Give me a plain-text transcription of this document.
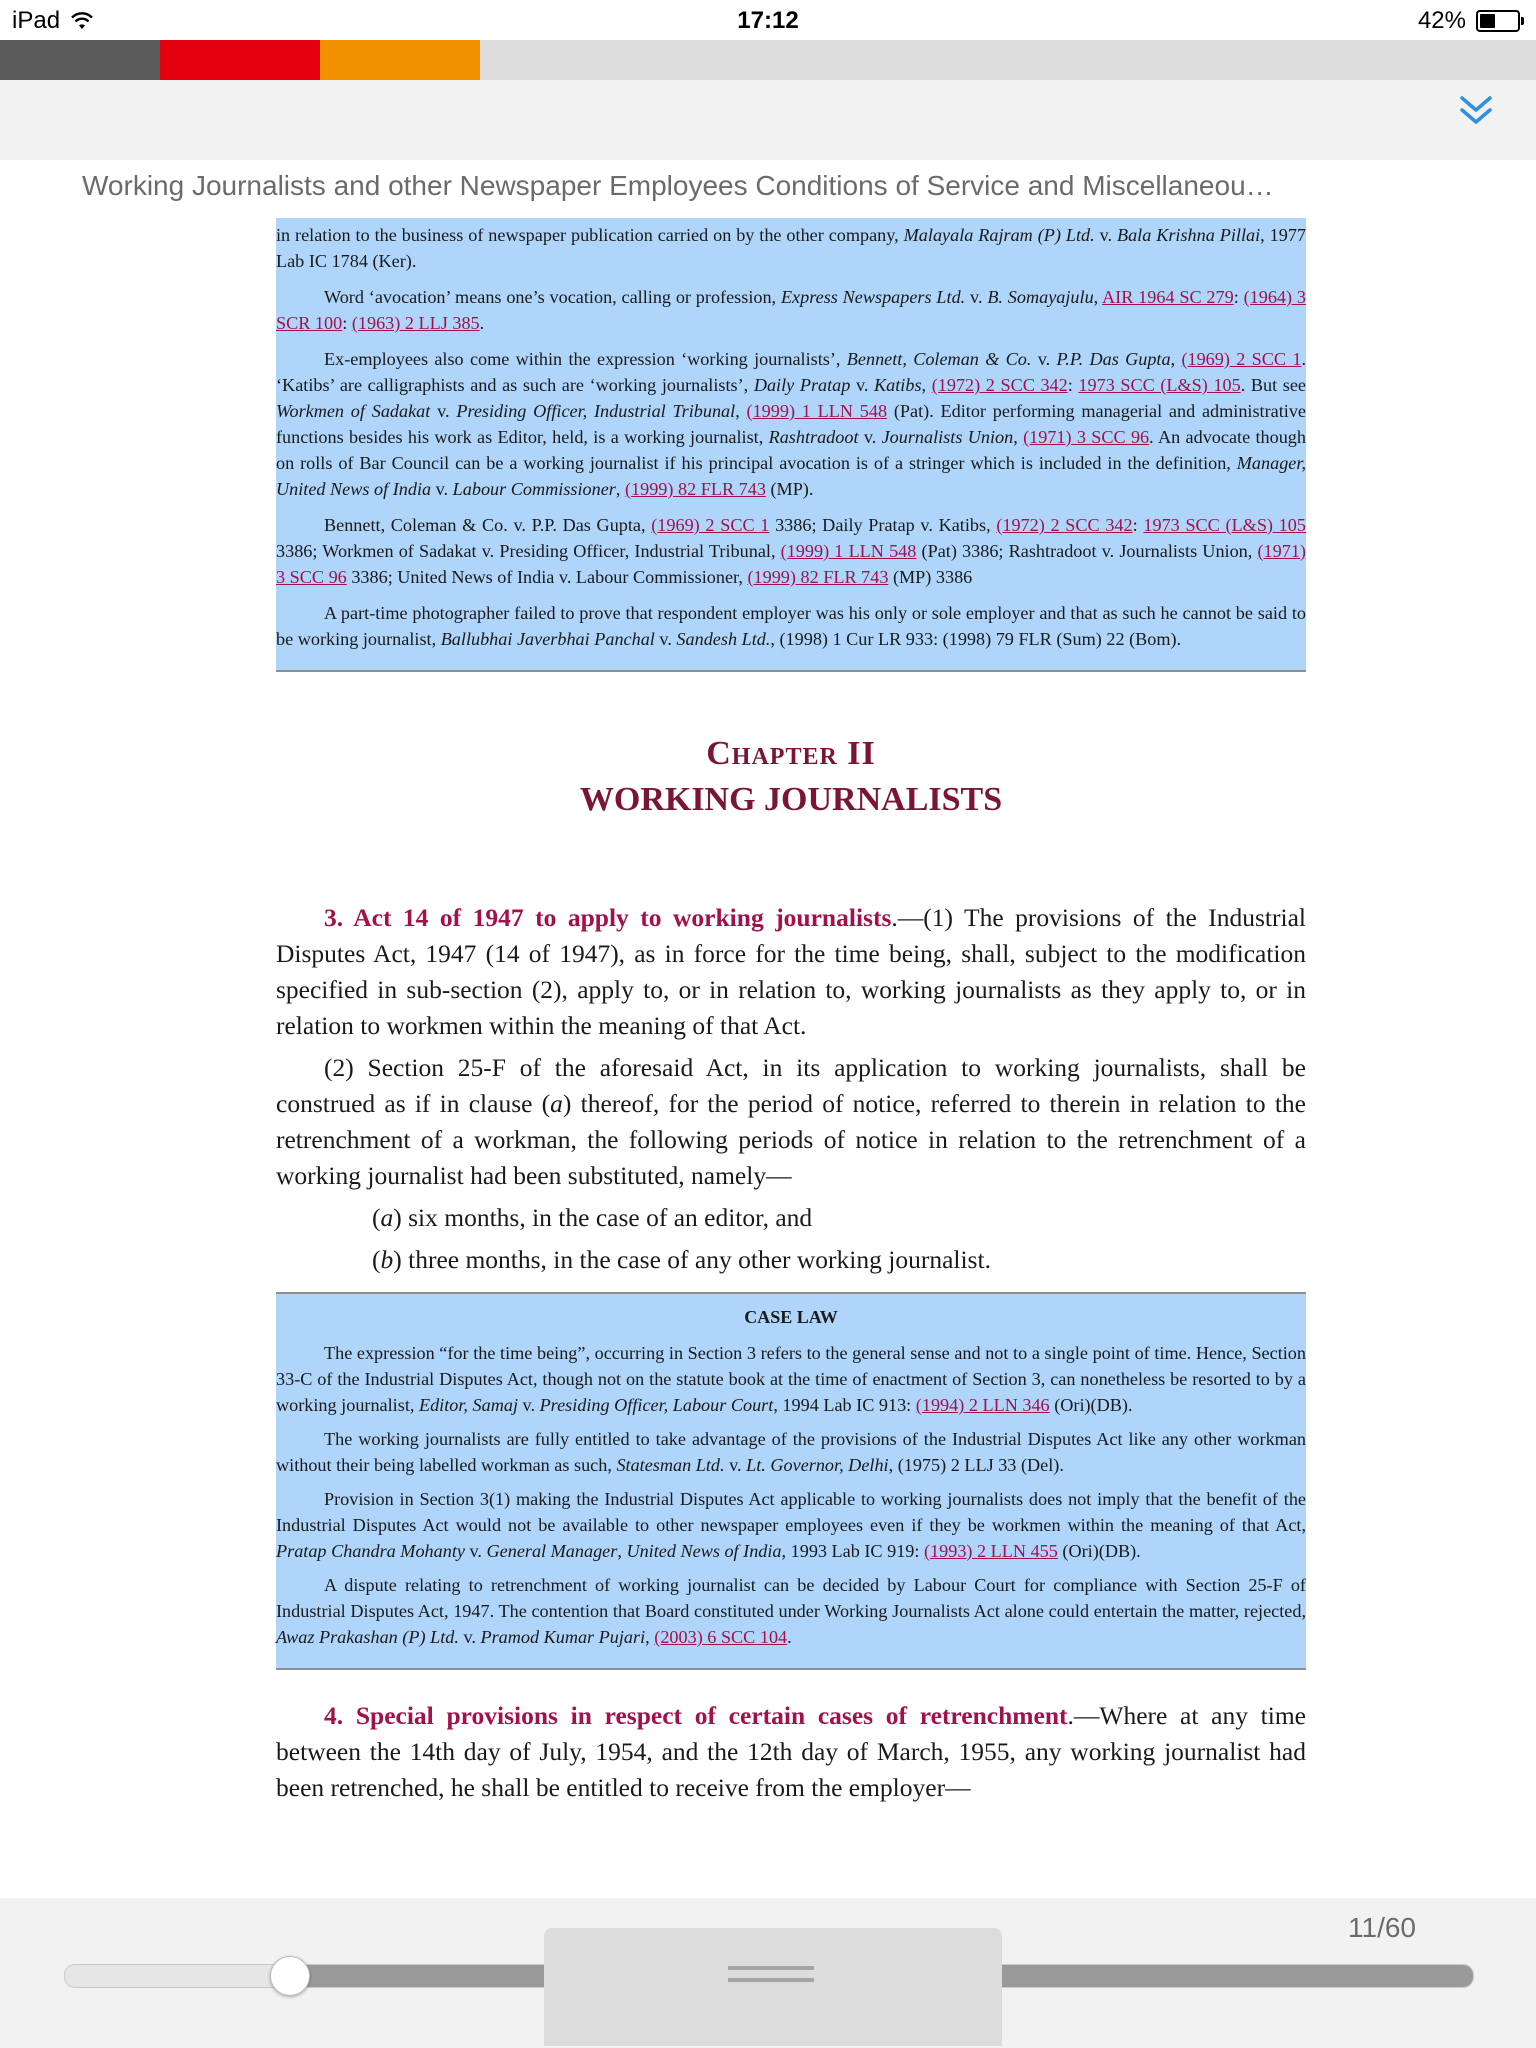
iPad	17:12	42%
Working Journalists and other Newspaper Employees Conditions of Service and Miscellaneou…

in relation to the business of newspaper publication carried on by the other company, Malayala Rajram (P) Ltd. v. Bala Krishna Pillai, 1977 Lab IC 1784 (Ker).

Word ‘avocation’ means one’s vocation, calling or profession, Express Newspapers Ltd. v. B. Somayajulu, AIR 1964 SC 279: (1964) 3 SCR 100: (1963) 2 LLJ 385.

Ex-employees also come within the expression ‘working journalists’, Bennett, Coleman & Co. v. P.P. Das Gupta, (1969) 2 SCC 1. ‘Katibs’ are calligraphists and as such are ‘working journalists’, Daily Pratap v. Katibs, (1972) 2 SCC 342: 1973 SCC (L&S) 105. But see Workmen of Sadakat v. Presiding Officer, Industrial Tribunal, (1999) 1 LLN 548 (Pat). Editor performing managerial and administrative functions besides his work as Editor, held, is a working journalist, Rashtradoot v. Journalists Union, (1971) 3 SCC 96. An advocate though on rolls of Bar Council can be a working journalist if his principal avocation is of a stringer which is included in the definition, Manager, United News of India v. Labour Commissioner, (1999) 82 FLR 743 (MP).

Bennett, Coleman & Co. v. P.P. Das Gupta, (1969) 2 SCC 1 3386; Daily Pratap v. Katibs, (1972) 2 SCC 342: 1973 SCC (L&S) 105 3386; Workmen of Sadakat v. Presiding Officer, Industrial Tribunal, (1999) 1 LLN 548 (Pat) 3386; Rashtradoot v. Journalists Union, (1971) 3 SCC 96 3386; United News of India v. Labour Commissioner, (1999) 82 FLR 743 (MP) 3386

A part-time photographer failed to prove that respondent employer was his only or sole employer and that as such he cannot be said to be working journalist, Ballubhai Javerbhai Panchal v. Sandesh Ltd., (1998) 1 Cur LR 933: (1998) 79 FLR (Sum) 22 (Bom).

Chapter II
WORKING JOURNALISTS

3. Act 14 of 1947 to apply to working journalists.—(1) The provisions of the Industrial Disputes Act, 1947 (14 of 1947), as in force for the time being, shall, subject to the modification specified in sub-section (2), apply to, or in relation to, working journalists as they apply to, or in relation to workmen within the meaning of that Act.

(2) Section 25-F of the aforesaid Act, in its application to working journalists, shall be construed as if in clause (a) thereof, for the period of notice, referred to therein in relation to the retrenchment of a workman, the following periods of notice in relation to the retrenchment of a working journalist had been substituted, namely—

(a) six months, in the case of an editor, and
(b) three months, in the case of any other working journalist.
CASE LAW

The expression “for the time being”, occurring in Section 3 refers to the general sense and not to a single point of time. Hence, Section 33-C of the Industrial Disputes Act, though not on the statute book at the time of enactment of Section 3, can nonetheless be resorted to by a working journalist, Editor, Samaj v. Presiding Officer, Labour Court, 1994 Lab IC 913: (1994) 2 LLN 346 (Ori)(DB).

The working journalists are fully entitled to take advantage of the provisions of the Industrial Disputes Act like any other workman without their being labelled workman as such, Statesman Ltd. v. Lt. Governor, Delhi, (1975) 2 LLJ 33 (Del).

Provision in Section 3(1) making the Industrial Disputes Act applicable to working journalists does not imply that the benefit of the Industrial Disputes Act would not be available to other newspaper employees even if they be workmen within the meaning of that Act, Pratap Chandra Mohanty v. General Manager, United News of India, 1993 Lab IC 919: (1993) 2 LLN 455 (Ori)(DB).

A dispute relating to retrenchment of working journalist can be decided by Labour Court for compliance with Section 25-F of Industrial Disputes Act, 1947. The contention that Board constituted under Working Journalists Act alone could entertain the matter, rejected, Awaz Prakashan (P) Ltd. v. Pramod Kumar Pujari, (2003) 6 SCC 104.

4. Special provisions in respect of certain cases of retrenchment.—Where at any time between the 14th day of July, 1954, and the 12th day of March, 1955, any working journalist had been retrenched, he shall be entitled to receive from the employer—

11/60
